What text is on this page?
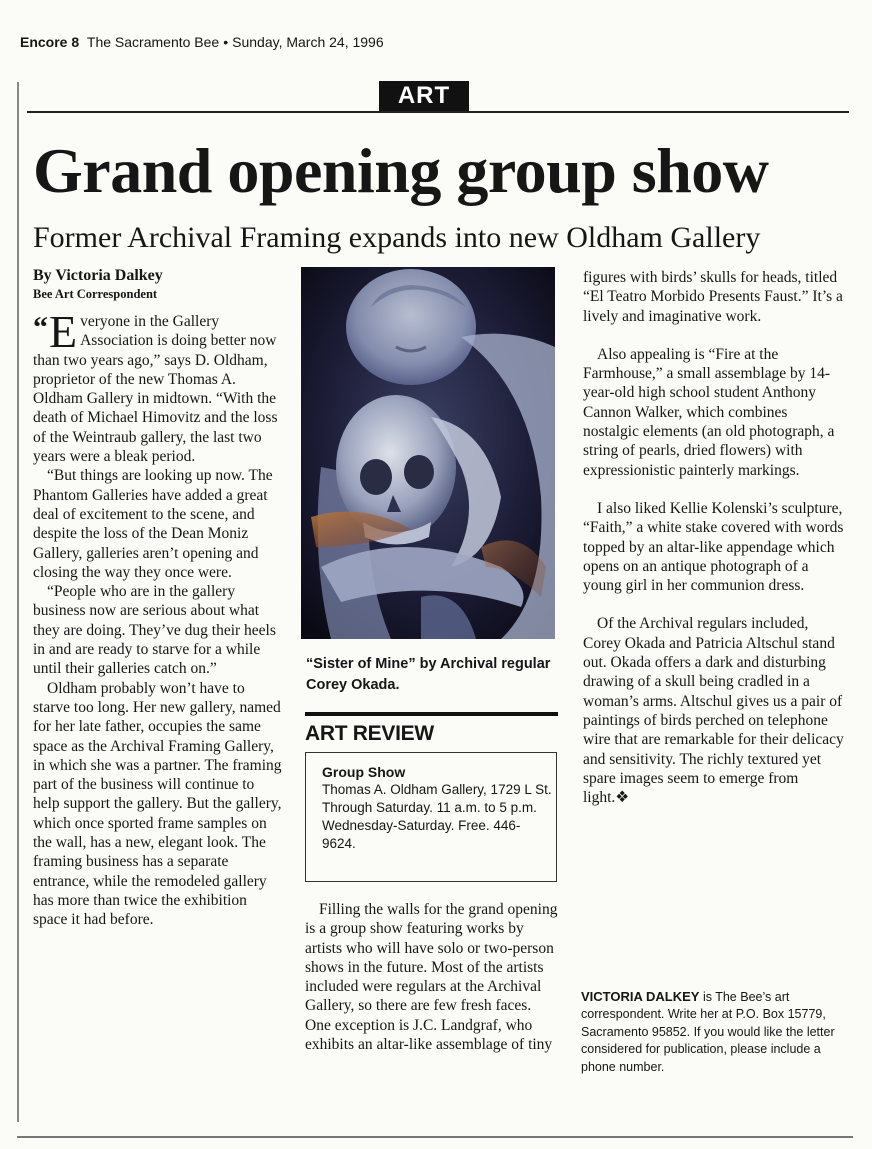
Encore 8 The Sacramento Bee • Sunday, March 24, 1996
ART
Grand opening group show
Former Archival Framing expands into new Oldham Gallery
By Victoria Dalkey
Bee Art Correspondent

“ E veryone in the Gallery Association is doing better now than two years ago,” says D. Oldham, proprietor of the new Thomas A. Oldham Gallery in midtown. “With the death of Michael Himovitz and the loss of the Weintraub gallery, the last two years were a bleak period.

“But things are looking up now. The Phantom Galleries have added a great deal of excitement to the scene, and despite the loss of the Dean Moniz Gallery, galleries aren’t opening and closing the way they once were.

“People who are in the gallery business now are serious about what they are doing. They’ve dug their heels in and are ready to starve for a while until their galleries catch on.”

Oldham probably won’t have to starve too long. Her new gallery, named for her late father, occupies the same space as the Archival Framing Gallery, in which she was a partner. The framing part of the business will continue to help support the gallery. But the gallery, which once sported frame samples on the wall, has a new, elegant look. The framing business has a separate entrance, while the remodeled gallery has more than twice the exhibition space it had before.

“Sister of Mine” by Archival regular Corey Okada.
ART REVIEW
Group Show
Thomas A. Oldham Gallery, 1729 L St. Through Saturday. 11 a.m. to 5 p.m. Wednesday-Saturday. Free. 446-9624.

Filling the walls for the grand opening is a group show featuring works by artists who will have solo or two-person shows in the future. Most of the artists included were regulars at the Archival Gallery, so there are few fresh faces. One exception is J.C. Landgraf, who exhibits an altar-like assemblage of tiny

figures with birds’ skulls for heads, titled “El Teatro Morbido Presents Faust.” It’s a lively and imaginative work.

Also appealing is “Fire at the Farmhouse,” a small assemblage by 14-year-old high school student Anthony Cannon Walker, which combines nostalgic elements (an old photograph, a string of pearls, dried flowers) with expressionistic painterly markings.

I also liked Kellie Kolenski’s sculpture, “Faith,” a white stake covered with words topped by an altar-like appendage which opens on an antique photograph of a young girl in her communion dress.

Of the Archival regulars included, Corey Okada and Patricia Altschul stand out. Okada offers a dark and disturbing drawing of a skull being cradled in a woman’s arms. Altschul gives us a pair of paintings of birds perched on telephone wire that are remarkable for their delicacy and sensitivity. The richly textured yet spare images seem to emerge from light.❖

VICTORIA DALKEY is The Bee’s art correspondent. Write her at P.O. Box 15779, Sacramento 95852. If you would like the letter considered for publication, please include a phone number.
